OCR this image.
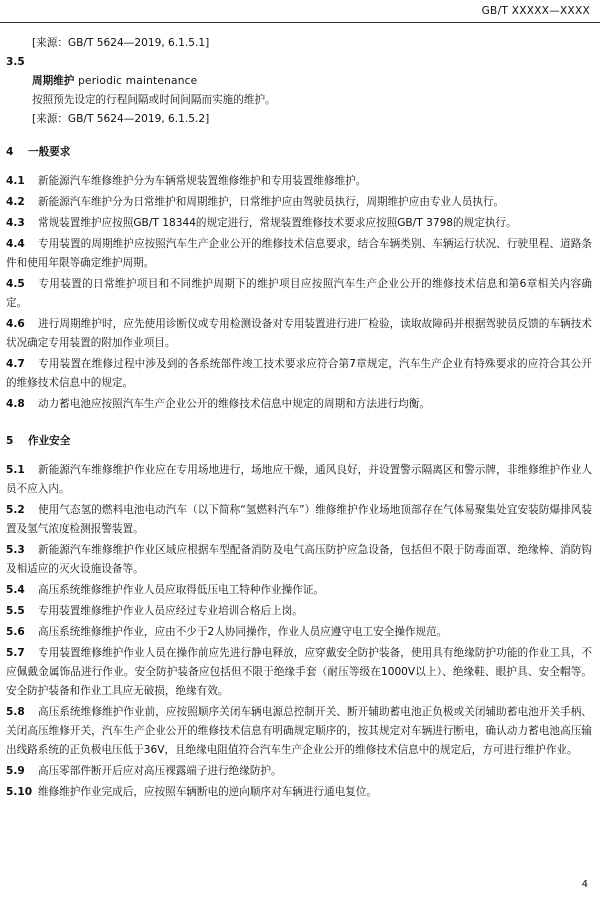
GB/T XXXXX—XXXX
[来源：GB/T 5624—2019, 6.1.5.1]
3.5
周期维护 periodic maintenance
按照预先设定的行程间隔或时间间隔而实施的维护。
[来源：GB/T 5624—2019, 6.1.5.2]
4 一般要求

4.1 新能源汽车维修维护分为车辆常规装置维修维护和专用装置维修维护。

4.2 新能源汽车维护分为日常维护和周期维护，日常维护应由驾驶员执行，周期维护应由专业人员执行。

4.3 常规装置维护应按照GB/T 18344的规定进行，常规装置维修技术要求应按照GB/T 3798的规定执行。

4.4 专用装置的周期维护应按照汽车生产企业公开的维修技术信息要求，结合车辆类别、车辆运行状况、行驶里程、道路条件和使用年限等确定维护周期。

4.5 专用装置的日常维护项目和不同维护周期下的维护项目应按照汽车生产企业公开的维修技术信息和第6章相关内容确定。

4.6 进行周期维护时，应先使用诊断仪或专用检测设备对专用装置进行进厂检验，读取故障码并根据驾驶员反馈的车辆技术状况确定专用装置的附加作业项目。

4.7 专用装置在维修过程中涉及到的各系统部件竣工技术要求应符合第7章规定，汽车生产企业有特殊要求的应符合其公开的维修技术信息中的规定。

4.8 动力蓄电池应按照汽车生产企业公开的维修技术信息中规定的周期和方法进行均衡。

5 作业安全

5.1 新能源汽车维修维护作业应在专用场地进行，场地应干燥，通风良好，并设置警示隔离区和警示牌，非维修维护作业人员不应入内。

5.2 使用气态氢的燃料电池电动汽车（以下简称“氢燃料汽车”）维修维护作业场地顶部存在气体易聚集处宜安装防爆排风装置及氢气浓度检测报警装置。

5.3 新能源汽车维修维护作业区域应根据车型配备消防及电气高压防护应急设备，包括但不限于防毒面罩、绝缘棒、消防钩及相适应的灭火设施设备等。

5.4 高压系统维修维护作业人员应取得低压电工特种作业操作证。

5.5 专用装置维修维护作业人员应经过专业培训合格后上岗。

5.6 高压系统维修维护作业，应由不少于2人协同操作，作业人员应遵守电工安全操作规范。

5.7 专用装置维修维护作业人员在操作前应先进行静电释放，应穿戴安全防护装备，使用具有绝缘防护功能的作业工具，不应佩戴金属饰品进行作业。安全防护装备应包括但不限于绝缘手套（耐压等级在1000V以上）、绝缘鞋、眼护具、安全帽等。安全防护装备和作业工具应无破损，绝缘有效。

5.8 高压系统维修维护作业前，应按照顺序关闭车辆电源总控制开关、断开辅助蓄电池正负极或关闭辅助蓄电池开关手柄、关闭高压维修开关，汽车生产企业公开的维修技术信息有明确规定顺序的，按其规定对车辆进行断电，确认动力蓄电池高压输出线路系统的正负极电压低于36V，且绝缘电阻值符合汽车生产企业公开的维修技术信息中的规定后，方可进行维护作业。

5.9 高压零部件断开后应对高压裸露端子进行绝缘防护。

5.10 维修维护作业完成后，应按照车辆断电的逆向顺序对车辆进行通电复位。

4
